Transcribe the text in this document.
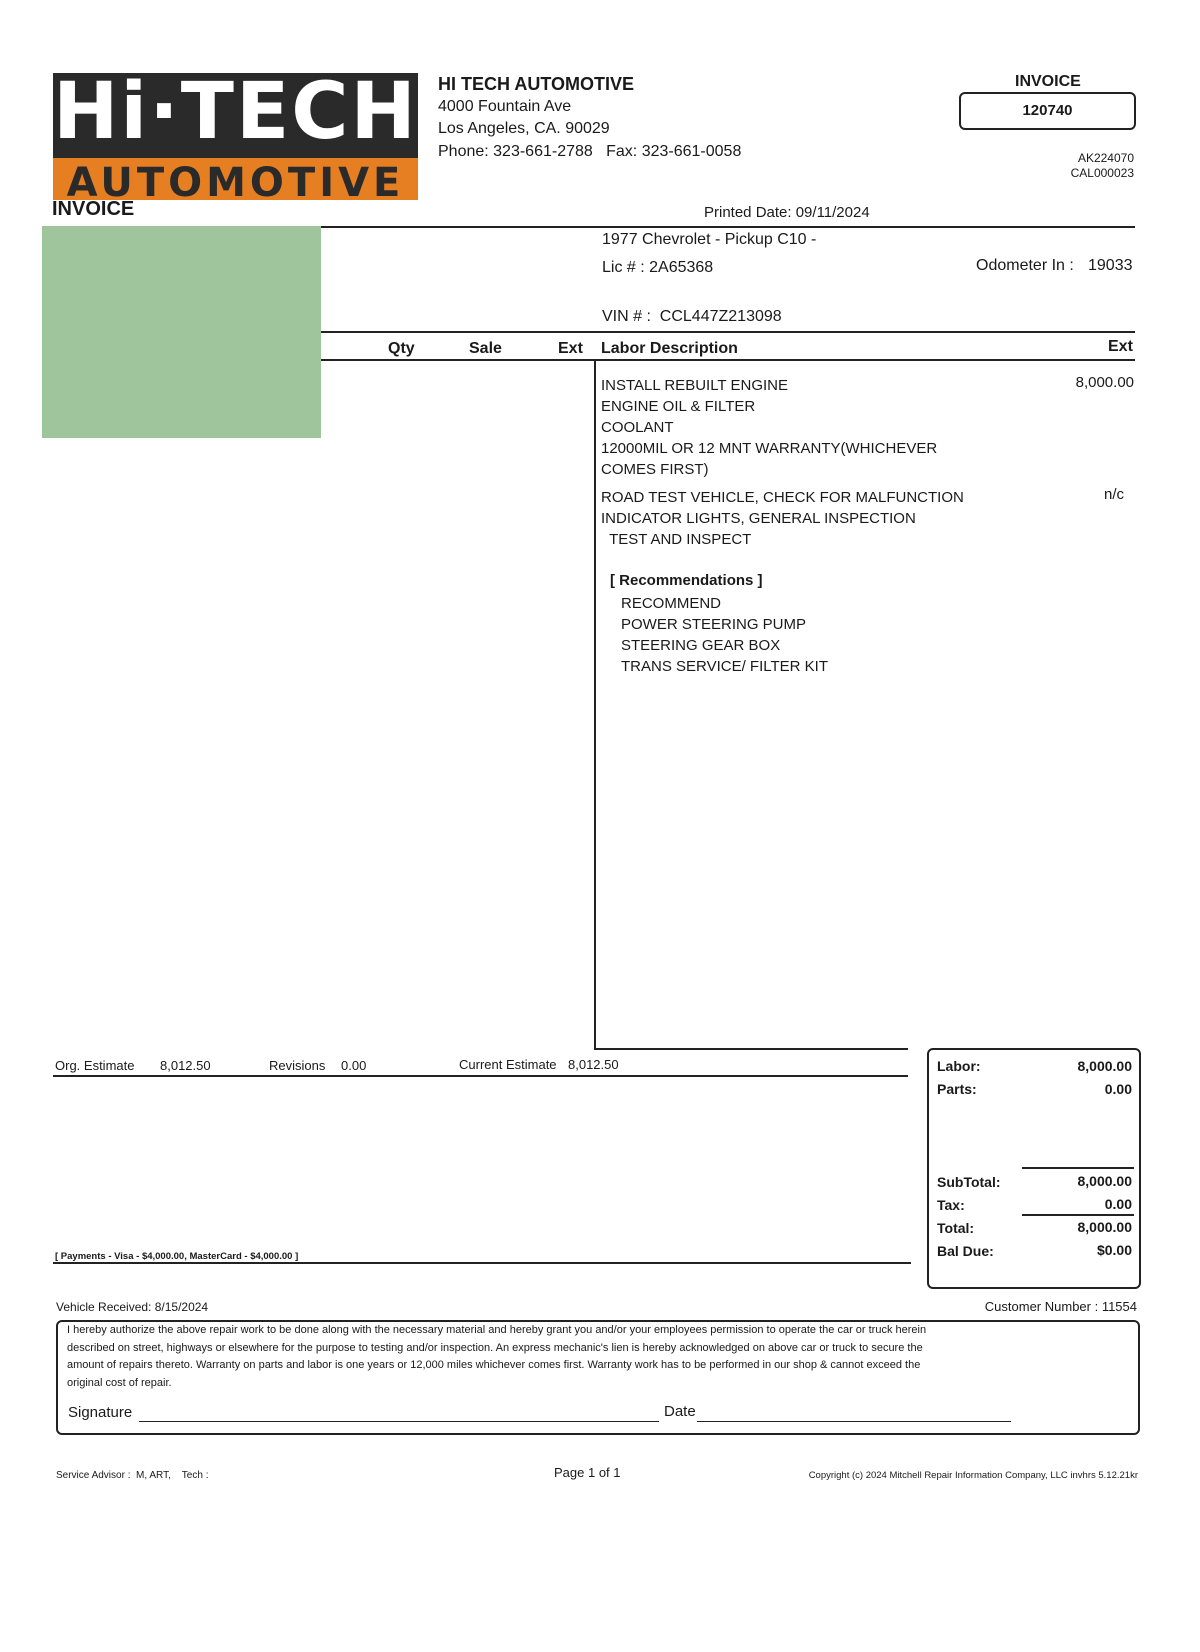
Hi·TECH
AUTOMOTIVE
INVOICE
HI TECH AUTOMOTIVE
4000 Fountain Ave
Los Angeles, CA. 90029
Phone: 323-661-2788   Fax: 323-661-0058
INVOICE
120740
AK224070
CAL000023
Printed Date: 09/11/2024
1977 Chevrolet - Pickup C10 -
Lic # : 2A65368	Odometer In : 19033
VIN # :  CCL447Z213098
Qty	Sale	Ext Labor Description	Ext
INSTALL REBUILT ENGINE
ENGINE OIL & FILTER
COOLANT
12000MIL OR 12 MNT WARRANTY(WHICHEVER
COMES FIRST)
8,000.00
ROAD TEST VEHICLE, CHECK FOR MALFUNCTION
INDICATOR LIGHTS, GENERAL INSPECTION
TEST AND INSPECT
n/c
[ Recommendations ]
RECOMMEND
POWER STEERING PUMP
STEERING GEAR BOX
TRANS SERVICE/ FILTER KIT
Org. Estimate 8,012.50	Revisions 0.00	Current Estimate 8,012.50
[ Payments - Visa - $4,000.00, MasterCard - $4,000.00 ]
Labor:	8,000.00
Parts:	0.00
SubTotal:	8,000.00
Tax:	0.00
Total:	8,000.00
Bal Due:	$0.00
Vehicle Received: 8/15/2024	Customer Number : 11554
I hereby authorize the above repair work to be done along with the necessary material and hereby grant you and/or your employees permission to operate the car or truck herein
described on street, highways or elsewhere for the purpose to testing and/or inspection. An express mechanic's lien is hereby acknowledged on above car or truck to secure the
amount of repairs thereto. Warranty on parts and labor is one years or 12,000 miles whichever comes first. Warranty work has to be performed in our shop & cannot exceed the
original cost of repair.
Signature	Date
Service Advisor :  M, ART,    Tech :	Page 1 of 1	Copyright (c) 2024 Mitchell Repair Information Company, LLC invhrs 5.12.21kr
